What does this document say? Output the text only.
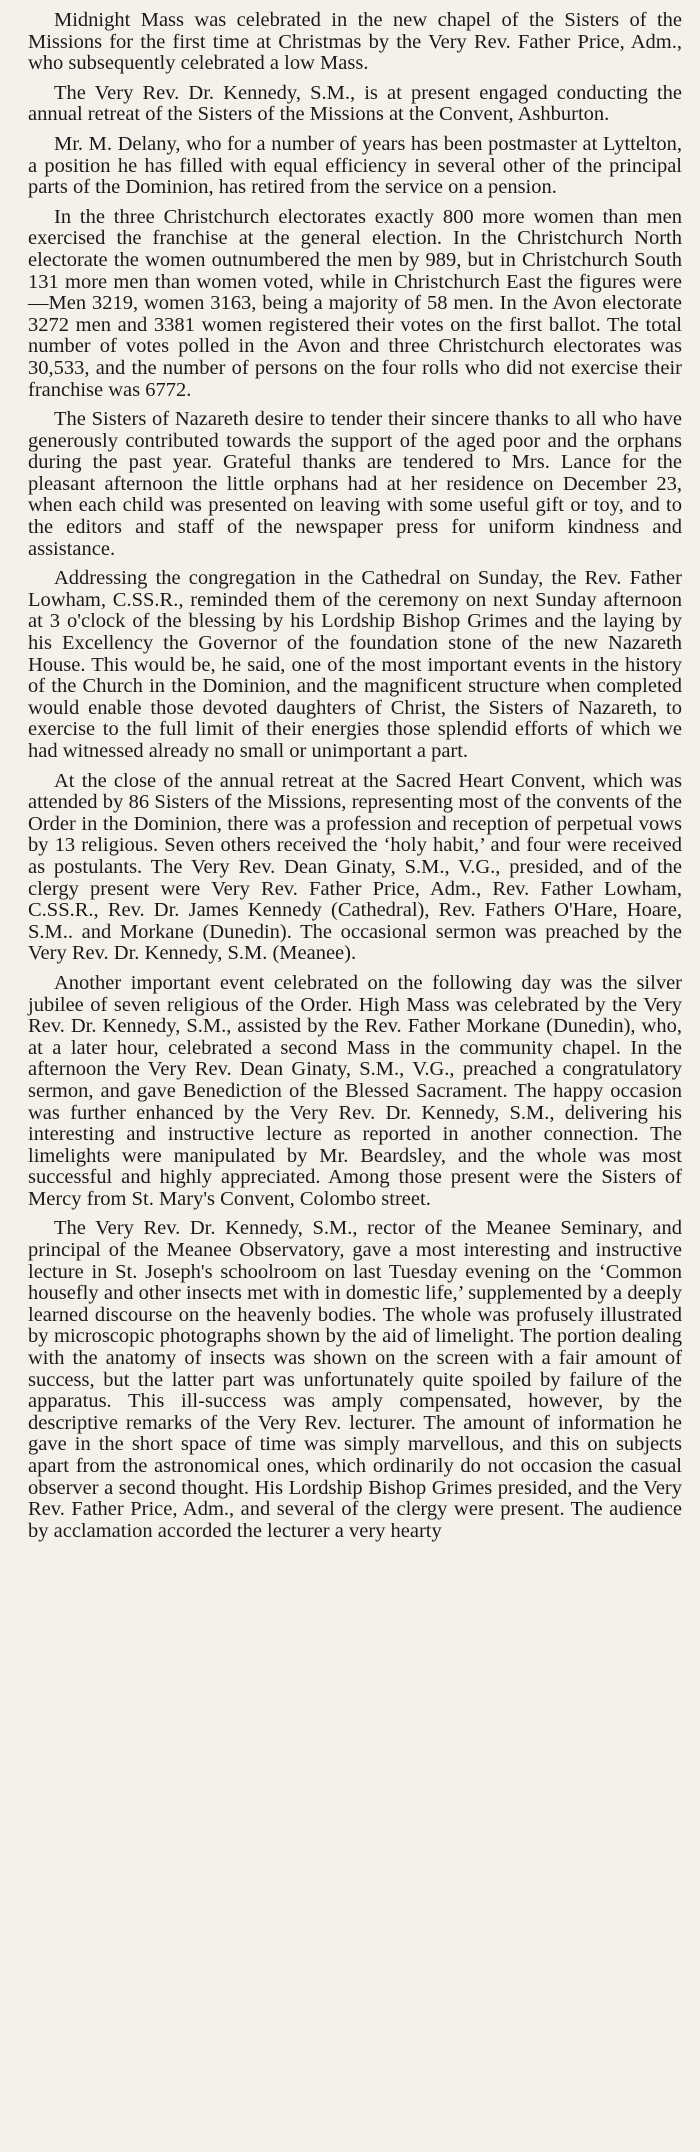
Midnight Mass was celebrated in the new chapel of the Sisters of the Missions for the first time at Christmas by the Very Rev. Father Price, Adm., who subsequently celebrated a low Mass.

The Very Rev. Dr. Kennedy, S.M., is at present engaged conducting the annual retreat of the Sisters of the Missions at the Convent, Ashburton.

Mr. M. Delany, who for a number of years has been postmaster at Lyttelton, a position he has filled with equal efficiency in several other of the principal parts of the Dominion, has retired from the service on a pension.

In the three Christchurch electorates exactly 800 more women than men exercised the franchise at the general election. In the Christchurch North electorate the women outnumbered the men by 989, but in Christchurch South 131 more men than women voted, while in Christchurch East the figures were—Men 3219, women 3163, being a majority of 58 men. In the Avon electorate 3272 men and 3381 women registered their votes on the first ballot. The total number of votes polled in the Avon and three Christchurch electorates was 30,533, and the number of persons on the four rolls who did not exercise their franchise was 6772.

The Sisters of Nazareth desire to tender their sincere thanks to all who have generously contributed towards the support of the aged poor and the orphans during the past year. Grateful thanks are tendered to Mrs. Lance for the pleasant afternoon the little orphans had at her residence on December 23, when each child was presented on leaving with some useful gift or toy, and to the editors and staff of the newspaper press for uniform kindness and assistance.

Addressing the congregation in the Cathedral on Sunday, the Rev. Father Lowham, C.SS.R., reminded them of the ceremony on next Sunday afternoon at 3 o'clock of the blessing by his Lordship Bishop Grimes and the laying by his Excellency the Governor of the foundation stone of the new Nazareth House. This would be, he said, one of the most important events in the history of the Church in the Dominion, and the magnificent structure when completed would enable those devoted daughters of Christ, the Sisters of Nazareth, to exercise to the full limit of their energies those splendid efforts of which we had witnessed already no small or unimportant a part.

At the close of the annual retreat at the Sacred Heart Convent, which was attended by 86 Sisters of the Missions, representing most of the convents of the Order in the Dominion, there was a profession and reception of perpetual vows by 13 religious. Seven others received the ‘holy habit,’ and four were received as postulants. The Very Rev. Dean Ginaty, S.M., V.G., presided, and of the clergy present were Very Rev. Father Price, Adm., Rev. Father Lowham, C.SS.R., Rev. Dr. James Kennedy (Cathedral), Rev. Fathers O'Hare, Hoare, S.M.. and Morkane (Dunedin). The occasional sermon was preached by the Very Rev. Dr. Kennedy, S.M. (Meanee).

Another important event celebrated on the following day was the silver jubilee of seven religious of the Order. High Mass was celebrated by the Very Rev. Dr. Kennedy, S.M., assisted by the Rev. Father Morkane (Dunedin), who, at a later hour, celebrated a second Mass in the community chapel. In the afternoon the Very Rev. Dean Ginaty, S.M., V.G., preached a congratulatory sermon, and gave Benediction of the Blessed Sacrament. The happy occasion was further enhanced by the Very Rev. Dr. Kennedy, S.M., delivering his interesting and instructive lecture as reported in another connection. The limelights were manipulated by Mr. Beardsley, and the whole was most successful and highly appreciated. Among those present were the Sisters of Mercy from St. Mary's Convent, Colombo street.

The Very Rev. Dr. Kennedy, S.M., rector of the Meanee Seminary, and principal of the Meanee Observatory, gave a most interesting and instructive lecture in St. Joseph's schoolroom on last Tuesday evening on the ‘Common housefly and other insects met with in domestic life,’ supplemented by a deeply learned discourse on the heavenly bodies. The whole was profusely illustrated by microscopic photographs shown by the aid of limelight. The portion dealing with the anatomy of insects was shown on the screen with a fair amount of success, but the latter part was unfortunately quite spoiled by failure of the apparatus. This ill-success was amply compensated, however, by the descriptive remarks of the Very Rev. lecturer. The amount of information he gave in the short space of time was simply marvellous, and this on subjects apart from the astronomical ones, which ordinarily do not occasion the casual observer a second thought. His Lordship Bishop Grimes presided, and the Very Rev. Father Price, Adm., and several of the clergy were present. The audience by acclamation accorded the lecturer a very hearty
